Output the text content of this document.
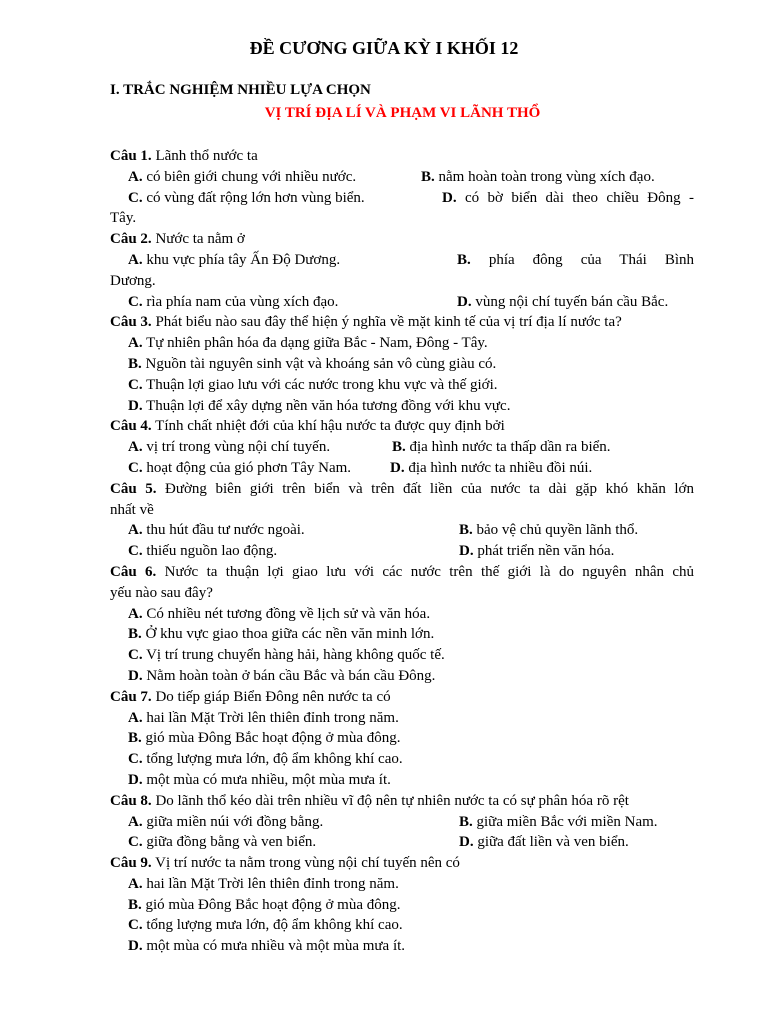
ĐỀ CƯƠNG GIỮA KỲ I KHỐI 12
I. TRẮC NGHIỆM NHIỀU LỰA CHỌN
VỊ TRÍ ĐỊA LÍ VÀ PHẠM VI LÃNH THỔ
Câu 1. Lãnh thổ nước ta
A. có biên giới chung với nhiều nước.	B. nằm hoàn toàn trong vùng xích đạo.
C. có vùng đất rộng lớn hơn vùng biển.	D. có bờ biển dài theo chiều Đông -
Tây.
Câu 2. Nước ta nằm ở
A. khu vực phía tây Ấn Độ Dương.	B. phía đông của Thái Bình
Dương.
C. rìa phía nam của vùng xích đạo.	D. vùng nội chí tuyến bán cầu Bắc.
Câu 3. Phát biểu nào sau đây thể hiện ý nghĩa về mặt kinh tế của vị trí địa lí nước ta?
A. Tự nhiên phân hóa đa dạng giữa Bắc - Nam, Đông - Tây.
B. Nguồn tài nguyên sinh vật và khoáng sản vô cùng giàu có.
C. Thuận lợi giao lưu với các nước trong khu vực và thế giới.
D. Thuận lợi để xây dựng nền văn hóa tương đồng với khu vực.
Câu 4. Tính chất nhiệt đới của khí hậu nước ta được quy định bởi
A. vị trí trong vùng nội chí tuyến.	B. địa hình nước ta thấp dần ra biển.
C. hoạt động của gió phơn Tây Nam.	D. địa hình nước ta nhiều đồi núi.
Câu 5. Đường biên giới trên biển và trên đất liền của nước ta dài gặp khó khăn lớn
nhất về
A. thu hút đầu tư nước ngoài.	B. bảo vệ chủ quyền lãnh thổ.
C. thiếu nguồn lao động.	D. phát triển nền văn hóa.
Câu 6. Nước ta thuận lợi giao lưu với các nước trên thế giới là do nguyên nhân chủ
yếu nào sau đây?
A. Có nhiều nét tương đồng về lịch sử và văn hóa.
B. Ở khu vực giao thoa giữa các nền văn minh lớn.
C. Vị trí trung chuyển hàng hải, hàng không quốc tế.
D. Nằm hoàn toàn ở bán cầu Bắc và bán cầu Đông.
Câu 7. Do tiếp giáp Biển Đông nên nước ta có
A. hai lần Mặt Trời lên thiên đỉnh trong năm.
B. gió mùa Đông Bắc hoạt động ở mùa đông.
C. tổng lượng mưa lớn, độ ẩm không khí cao.
D. một mùa có mưa nhiều, một mùa mưa ít.
Câu 8. Do lãnh thổ kéo dài trên nhiều vĩ độ nên tự nhiên nước ta có sự phân hóa rõ rệt
A. giữa miền núi với đồng bằng.	B. giữa miền Bắc với miền Nam.
C. giữa đồng bằng và ven biển.	D. giữa đất liền và ven biển.
Câu 9. Vị trí nước ta nằm trong vùng nội chí tuyến nên có
A. hai lần Mặt Trời lên thiên đỉnh trong năm.
B. gió mùa Đông Bắc hoạt động ở mùa đông.
C. tổng lượng mưa lớn, độ ẩm không khí cao.
D. một mùa có mưa nhiều và một mùa mưa ít.
